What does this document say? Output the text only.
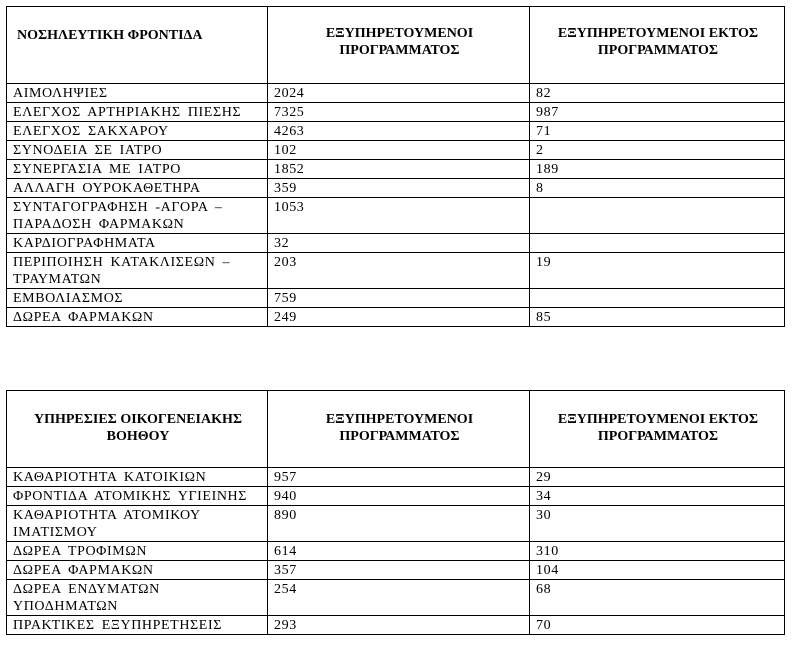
ΝΟΣΗΛΕΥΤΙΚΗ ΦΡΟΝΤΙΔΑ	ΕΞΥΠΗΡΕΤΟΥΜΕΝΟΙ ΠΡΟΓΡΑΜΜΑΤΟΣ	ΕΞΥΠΗΡΕΤΟΥΜΕΝΟΙ ΕΚΤΟΣ ΠΡΟΓΡΑΜΜΑΤΟΣ
ΑΙΜΟΛΗΨΙΕΣ	2024	82
ΕΛΕΓΧΟΣ ΑΡΤΗΡΙΑΚΗΣ ΠΙΕΣΗΣ	7325	987
ΕΛΕΓΧΟΣ ΣΑΚΧΑΡΟΥ	4263	71
ΣΥΝΟΔΕΙΑ ΣΕ ΙΑΤΡΟ	102	2
ΣΥΝΕΡΓΑΣΙΑ ΜΕ ΙΑΤΡΟ	1852	189
ΑΛΛΑΓΗ ΟΥΡΟΚΑΘΕΤΗΡΑ	359	8
ΣΥΝΤΑΓΟΓΡΑΦΗΣΗ -ΑΓΟΡΑ – ΠΑΡΑΔΟΣΗ ΦΑΡΜΑΚΩΝ	1053	
ΚΑΡΔΙΟΓΡΑΦΗΜΑΤΑ	32	
ΠΕΡΙΠΟΙΗΣΗ ΚΑΤΑΚΛΙΣΕΩΝ – ΤΡΑΥΜΑΤΩΝ	203	19
ΕΜΒΟΛΙΑΣΜΟΣ	759	
ΔΩΡΕΑ ΦΑΡΜΑΚΩΝ	249	85
ΥΠΗΡΕΣΙΕΣ ΟΙΚΟΓΕΝΕΙΑΚΗΣ ΒΟΗΘΟΥ	ΕΞΥΠΗΡΕΤΟΥΜΕΝΟΙ ΠΡΟΓΡΑΜΜΑΤΟΣ	ΕΞΥΠΗΡΕΤΟΥΜΕΝΟΙ ΕΚΤΟΣ ΠΡΟΓΡΑΜΜΑΤΟΣ
ΚΑΘΑΡΙΟΤΗΤΑ ΚΑΤΟΙΚΙΩΝ	957	29
ΦΡΟΝΤΙΔΑ ΑΤΟΜΙΚΗΣ ΥΓΙΕΙΝΗΣ	940	34
ΚΑΘΑΡΙΟΤΗΤΑ ΑΤΟΜΙΚΟΥ ΙΜΑΤΙΣΜΟΥ	890	30
ΔΩΡΕΑ ΤΡΟΦΙΜΩΝ	614	310
ΔΩΡΕΑ ΦΑΡΜΑΚΩΝ	357	104
ΔΩΡΕΑ ΕΝΔΥΜΑΤΩΝ ΥΠΟΔΗΜΑΤΩΝ	254	68
ΠΡΑΚΤΙΚΕΣ ΕΞΥΠΗΡΕΤΗΣΕΙΣ	293	70
